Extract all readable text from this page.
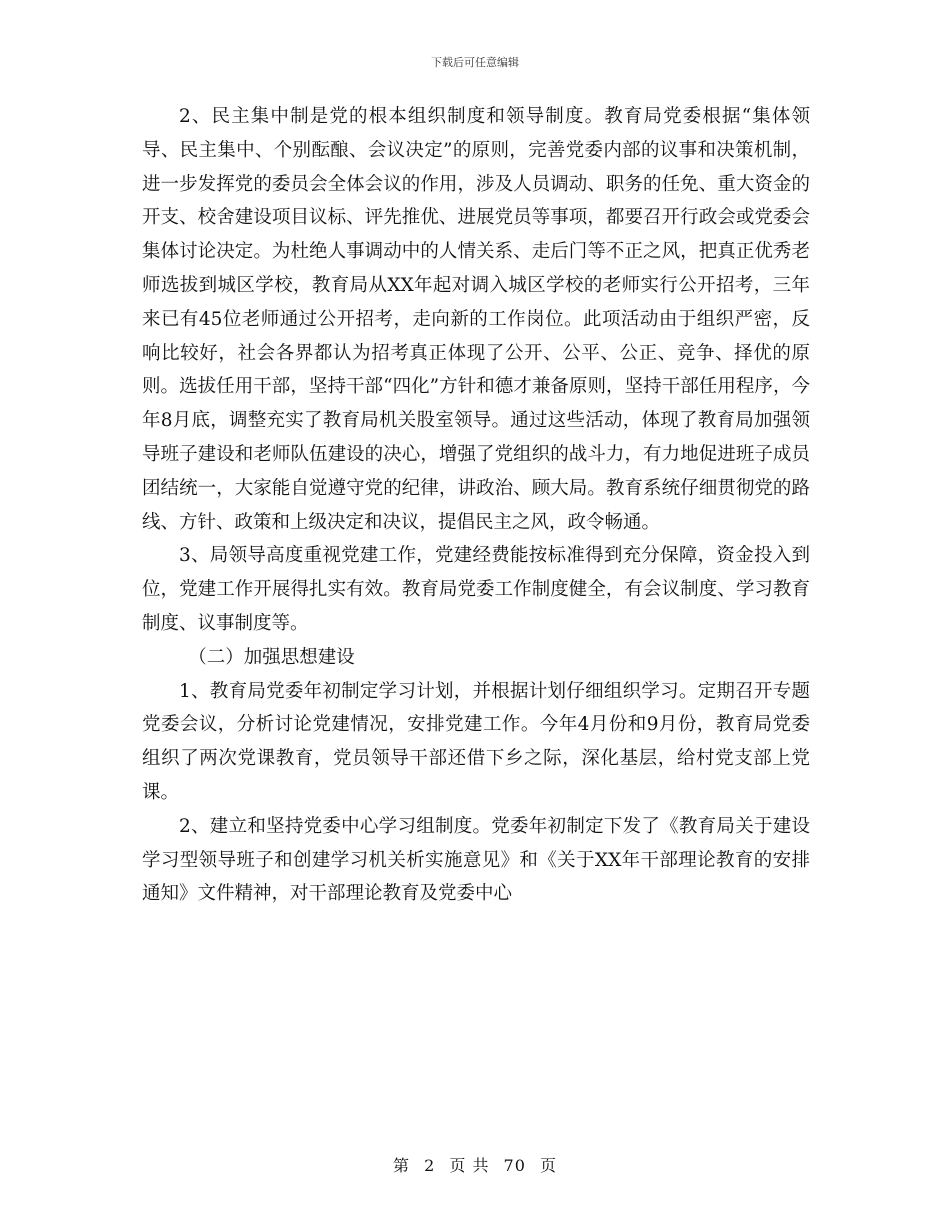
下载后可任意编辑

2、民主集中制是党的根本组织制度和领导制度。教育局党委根据“集体领导、民主集中、个别酝酿、会议决定”的原则，完善党委内部的议事和决策机制，进一步发挥党的委员会全体会议的作用，涉及人员调动、职务的任免、重大资金的开支、校舍建设项目议标、评先推优、进展党员等事项，都要召开行政会或党委会集体讨论决定。为杜绝人事调动中的人情关系、走后门等不正之风，把真正优秀老师选拔到城区学校，教育局从XX年起对调入城区学校的老师实行公开招考，三年来已有45位老师通过公开招考，走向新的工作岗位。此项活动由于组织严密，反响比较好，社会各界都认为招考真正体现了公开、公平、公正、竞争、择优的原则。选拔任用干部，坚持干部“四化”方针和德才兼备原则，坚持干部任用程序，今年8月底，调整充实了教育局机关股室领导。通过这些活动，体现了教育局加强领导班子建设和老师队伍建设的决心，增强了党组织的战斗力，有力地促进班子成员团结统一，大家能自觉遵守党的纪律，讲政治、顾大局。教育系统仔细贯彻党的路线、方针、政策和上级决定和决议，提倡民主之风，政令畅通。

3、局领导高度重视党建工作，党建经费能按标准得到充分保障，资金投入到位，党建工作开展得扎实有效。教育局党委工作制度健全，有会议制度、学习教育制度、议事制度等。

（二）加强思想建设

1、教育局党委年初制定学习计划，并根据计划仔细组织学习。定期召开专题党委会议，分析讨论党建情况，安排党建工作。今年4月份和9月份，教育局党委组织了两次党课教育，党员领导干部还借下乡之际，深化基层，给村党支部上党课。

2、建立和坚持党委中心学习组制度。党委年初制定下发了《教育局关于建设学习型领导班子和创建学习机关析实施意见》和《关于XX年干部理论教育的安排通知》文件精神，对干部理论教育及党委中心

第 2 页 共 70 页
